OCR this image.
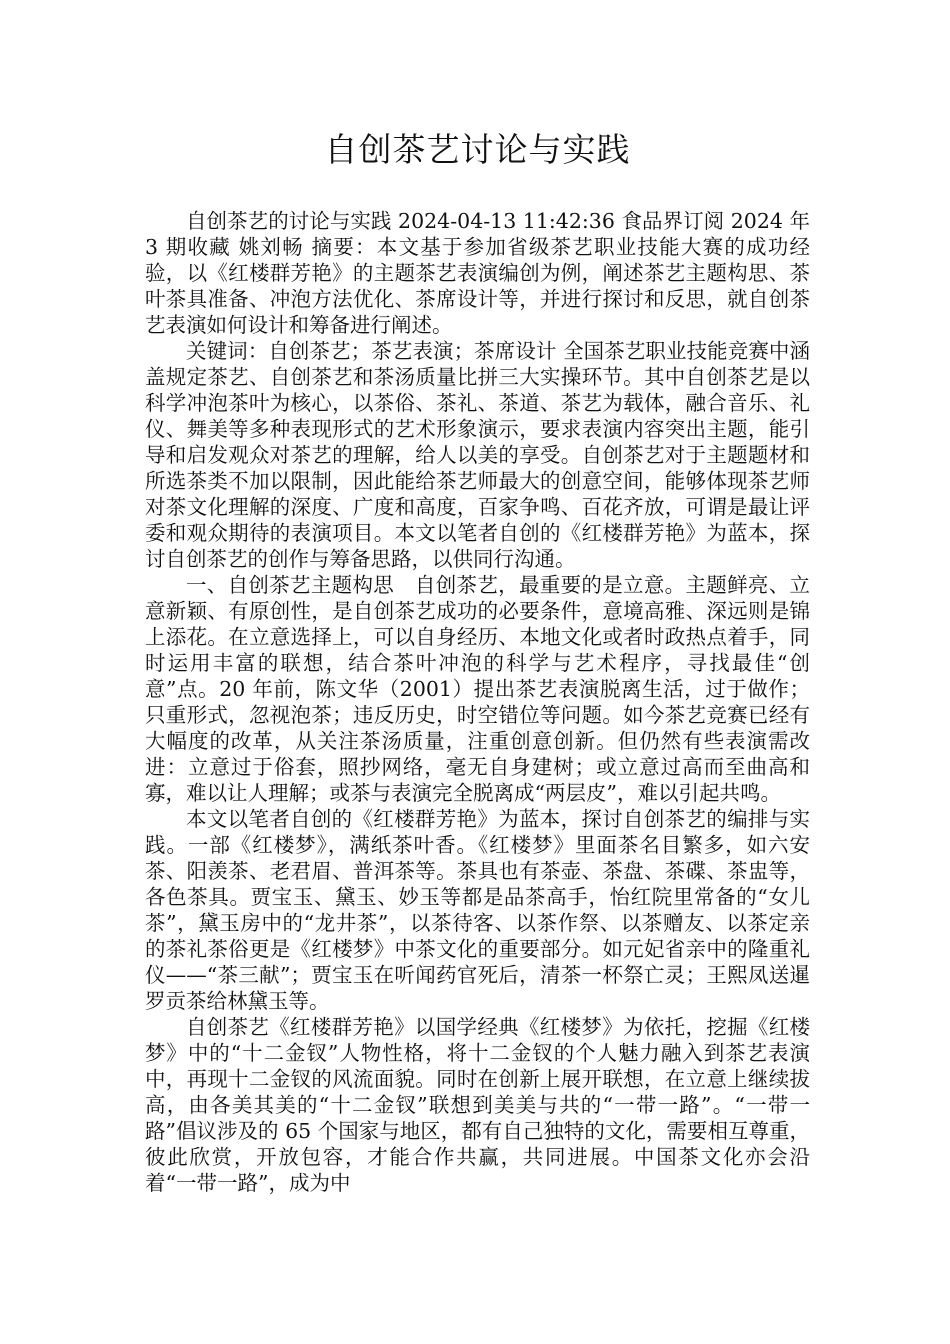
自创茶艺讨论与实践

自创茶艺的讨论与实践 2024-04-13 11:42:36 食品界订阅 2024 年 3 期收藏 姚刘畅 摘要：本文基于参加省级茶艺职业技能大赛的成功经验，以《红楼群芳艳》的主题茶艺表演编创为例，阐述茶艺主题构思、茶叶茶具准备、冲泡方法优化、茶席设计等，并进行探讨和反思，就自创茶艺表演如何设计和筹备进行阐述。

关键词：自创茶艺；茶艺表演；茶席设计 全国茶艺职业技能竞赛中涵盖规定茶艺、自创茶艺和茶汤质量比拼三大实操环节。其中自创茶艺是以科学冲泡茶叶为核心，以茶俗、茶礼、茶道、茶艺为载体，融合音乐、礼仪、舞美等多种表现形式的艺术形象演示，要求表演内容突出主题，能引导和启发观众对茶艺的理解，给人以美的享受。自创茶艺对于主题题材和所选茶类不加以限制，因此能给茶艺师最大的创意空间，能够体现茶艺师对茶文化理解的深度、广度和高度，百家争鸣、百花齐放，可谓是最让评委和观众期待的表演项目。本文以笔者自创的《红楼群芳艳》为蓝本，探讨自创茶艺的创作与筹备思路，以供同行沟通。

一、自创茶艺主题构思　自创茶艺，最重要的是立意。主题鲜亮、立意新颖、有原创性，是自创茶艺成功的必要条件，意境高雅、深远则是锦上添花。在立意选择上，可以自身经历、本地文化或者时政热点着手，同时运用丰富的联想，结合茶叶冲泡的科学与艺术程序，寻找最佳“创意”点。20 年前，陈文华（2001）提出茶艺表演脱离生活，过于做作；只重形式，忽视泡茶；违反历史，时空错位等问题。如今茶艺竞赛已经有大幅度的改革，从关注茶汤质量，注重创意创新。但仍然有些表演需改进：立意过于俗套，照抄网络，毫无自身建树；或立意过高而至曲高和寡，难以让人理解；或茶与表演完全脱离成“两层皮”，难以引起共鸣。

本文以笔者自创的《红楼群芳艳》为蓝本，探讨自创茶艺的编排与实践。一部《红楼梦》，满纸茶叶香。《红楼梦》里面茶名目繁多，如六安茶、阳羡茶、老君眉、普洱茶等。茶具也有茶壶、茶盘、茶碟、茶盅等，各色茶具。贾宝玉、黛玉、妙玉等都是品茶高手，怡红院里常备的“女儿茶”，黛玉房中的“龙井茶”，以茶待客、以茶作祭、以茶赠友、以茶定亲的茶礼茶俗更是《红楼梦》中茶文化的重要部分。如元妃省亲中的隆重礼仪——“茶三献”；贾宝玉在听闻药官死后，清茶一杯祭亡灵；王熙凤送暹罗贡茶给林黛玉等。

自创茶艺《红楼群芳艳》以国学经典《红楼梦》为依托，挖掘《红楼梦》中的“十二金钗”人物性格，将十二金钗的个人魅力融入到茶艺表演中，再现十二金钗的风流面貌。同时在创新上展开联想，在立意上继续拔高，由各美其美的“十二金钗”联想到美美与共的“一带一路”。“一带一路”倡议涉及的 65 个国家与地区，都有自己独特的文化，需要相互尊重，彼此欣赏，开放包容，才能合作共赢，共同进展。中国茶文化亦会沿着“一带一路”，成为中
